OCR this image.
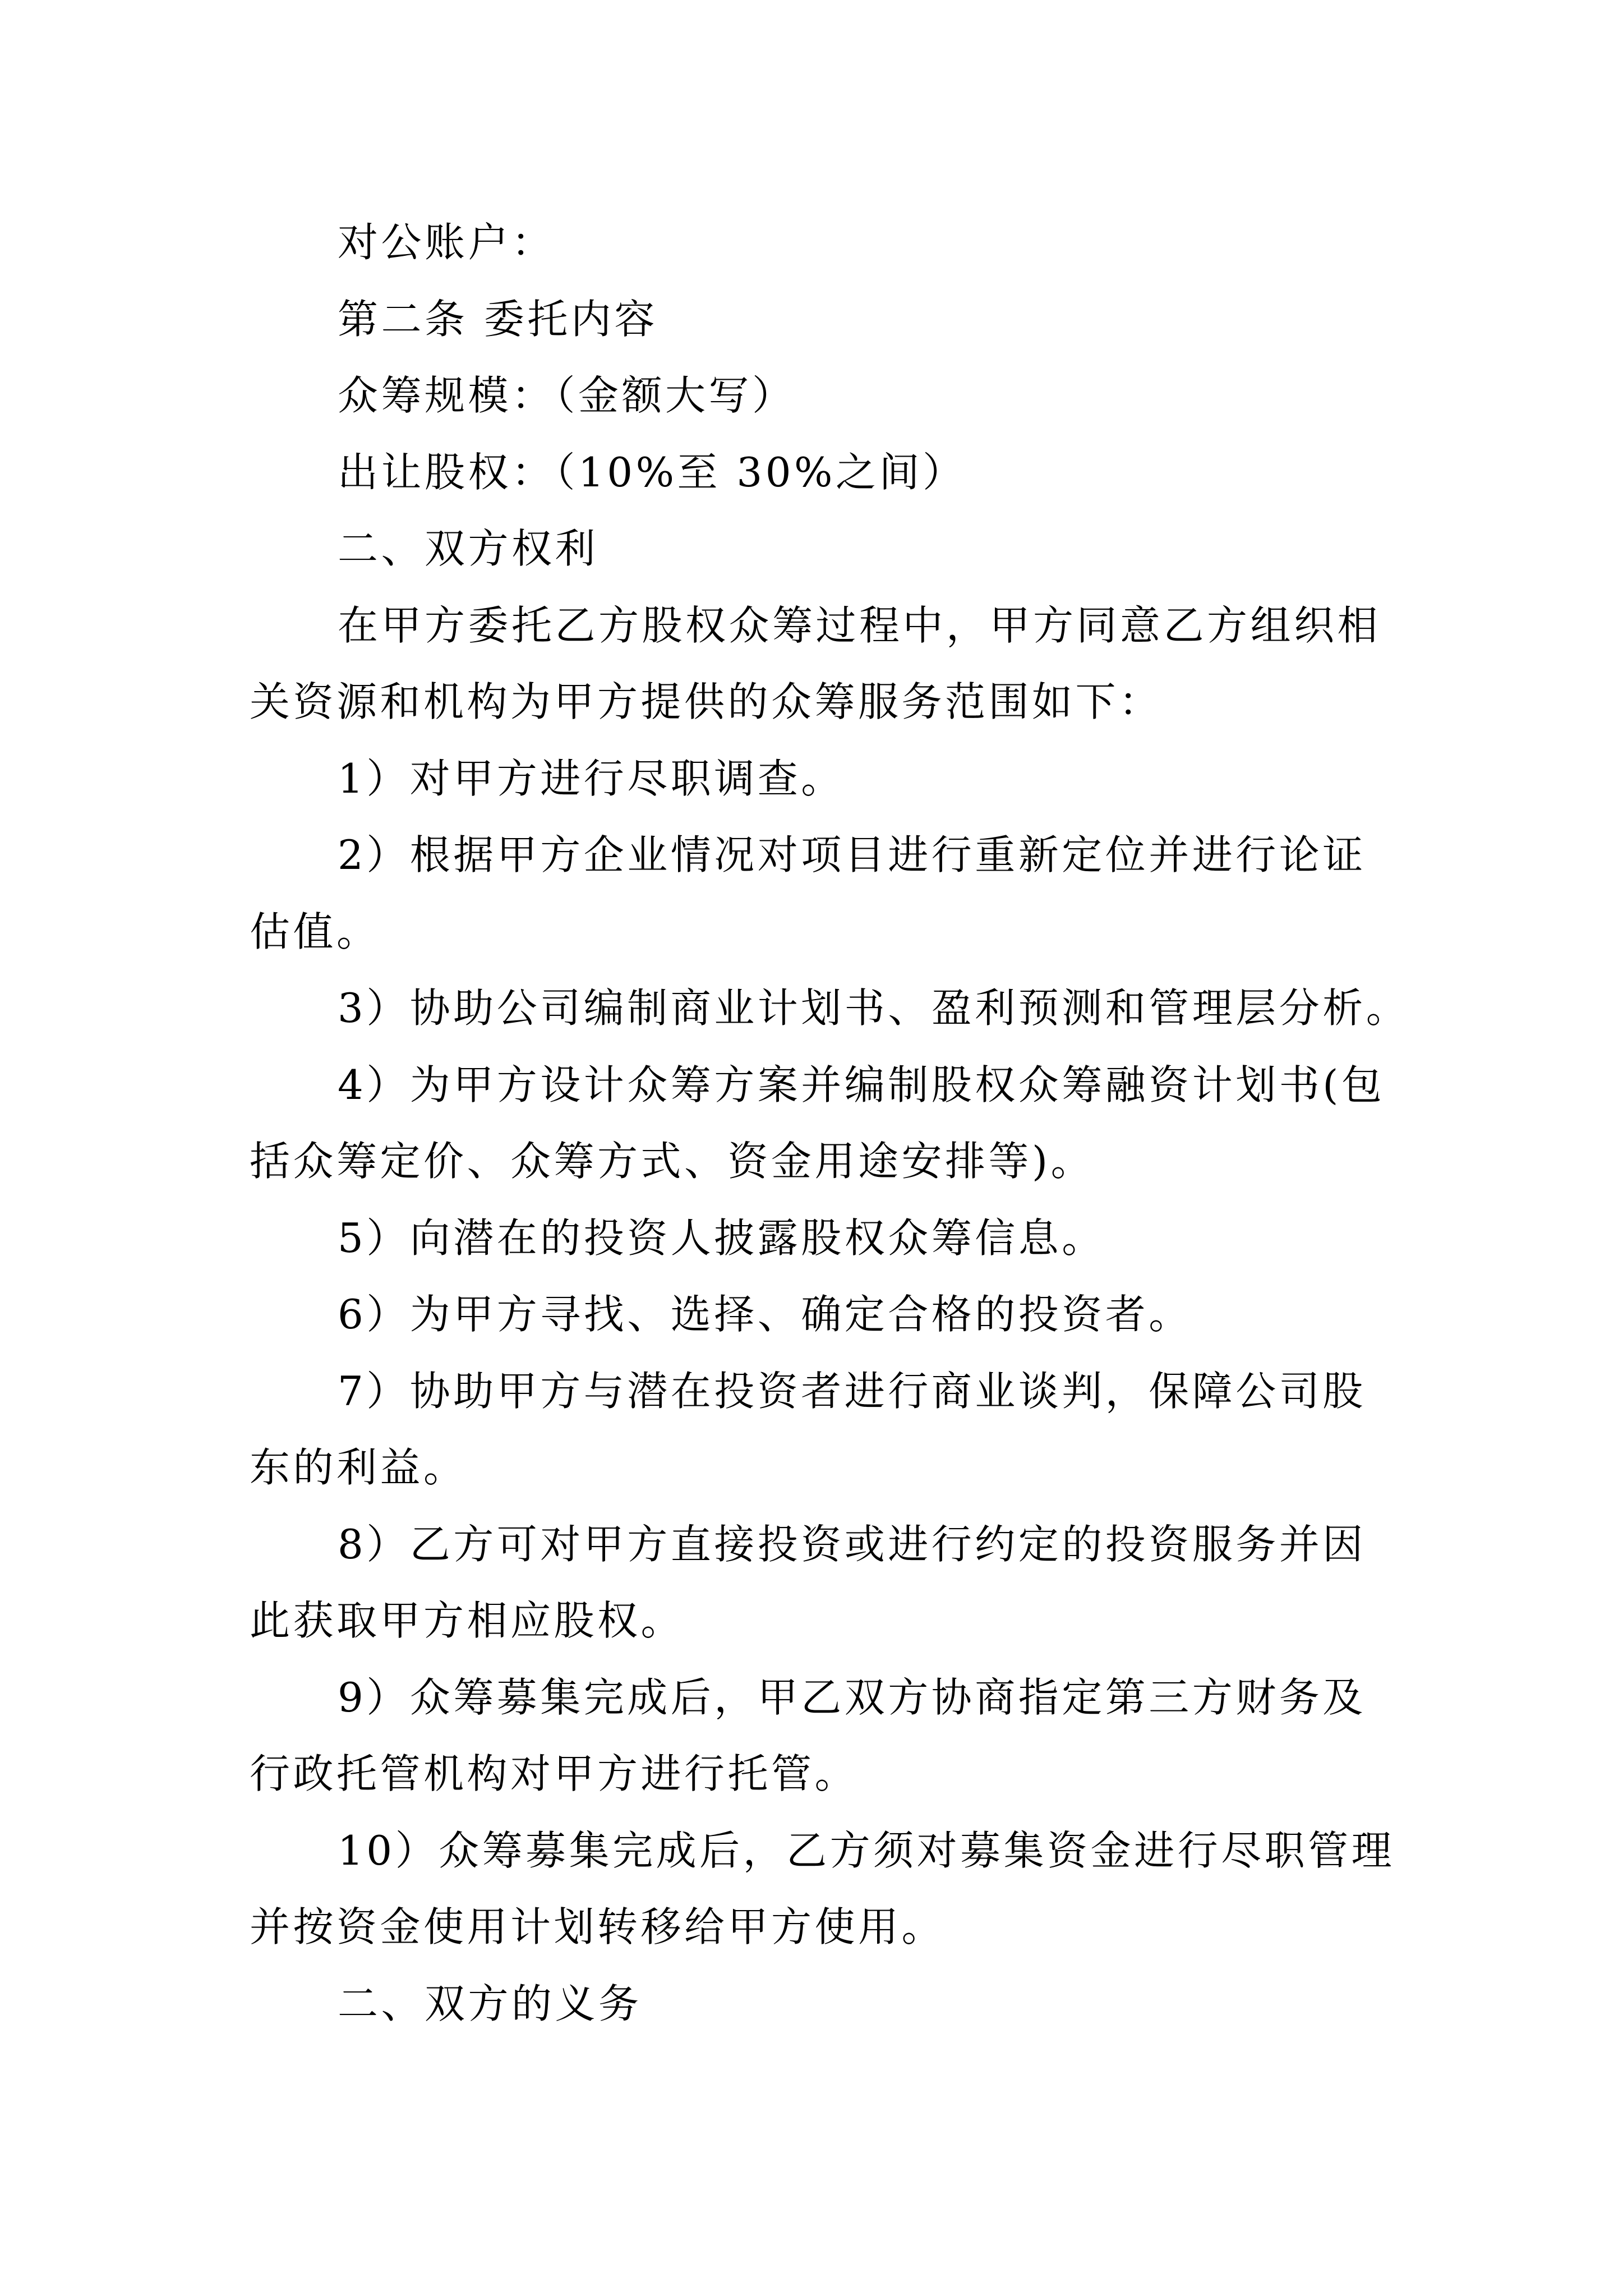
对公账户：
第二条 委托内容
众筹规模：（金额大写）
出让股权：（10%至 30%之间）
二、双方权利
在甲方委托乙方股权众筹过程中，甲方同意乙方组织相
关资源和机构为甲方提供的众筹服务范围如下：
1）对甲方进行尽职调查。
2）根据甲方企业情况对项目进行重新定位并进行论证
估值。
3）协助公司编制商业计划书、盈利预测和管理层分析。
4）为甲方设计众筹方案并编制股权众筹融资计划书(包
括众筹定价、众筹方式、资金用途安排等)。
5）向潜在的投资人披露股权众筹信息。
6）为甲方寻找、选择、确定合格的投资者。
7）协助甲方与潜在投资者进行商业谈判，保障公司股
东的利益。
8）乙方可对甲方直接投资或进行约定的投资服务并因
此获取甲方相应股权。
9）众筹募集完成后，甲乙双方协商指定第三方财务及
行政托管机构对甲方进行托管。
10）众筹募集完成后，乙方须对募集资金进行尽职管理
并按资金使用计划转移给甲方使用。
二、双方的义务
